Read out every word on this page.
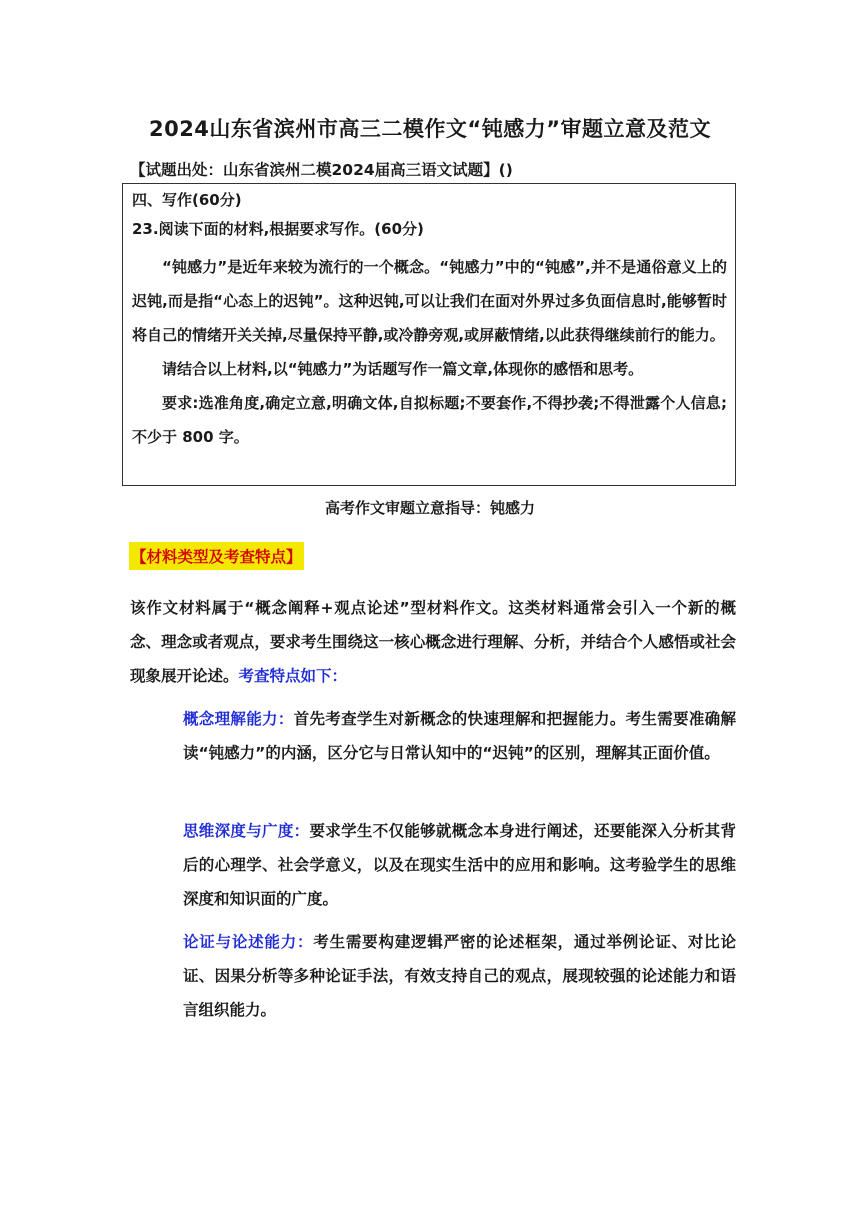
2024山东省滨州市高三二模作文“钝感力”审题立意及范文
【试题出处：山东省滨州二模2024届高三语文试题】()

四、写作(60分)

23.阅读下面的材料,根据要求写作。(60分)

“钝感力”是近年来较为流行的一个概念。“钝感力”中的“钝感”,并不是通俗意义上的迟钝,而是指“心态上的迟钝”。这种迟钝,可以让我们在面对外界过多负面信息时,能够暂时将自己的情绪开关关掉,尽量保持平静,或冷静旁观,或屏蔽情绪,以此获得继续前行的能力。

请结合以上材料,以“钝感力”为话题写作一篇文章,体现你的感悟和思考。

要求:选准角度,确定立意,明确文体,自拟标题;不要套作,不得抄袭;不得泄露个人信息;不少于 800 字。

高考作文审题立意指导：钝感力
【材料类型及考查特点】

该作文材料属于“概念阐释+观点论述”型材料作文。这类材料通常会引入一个新的概念、理念或者观点，要求考生围绕这一核心概念进行理解、分析，并结合个人感悟或社会现象展开论述。考查特点如下：

概念理解能力：首先考查学生对新概念的快速理解和把握能力。考生需要准确解读“钝感力”的内涵，区分它与日常认知中的“迟钝”的区别，理解其正面价值。

思维深度与广度：要求学生不仅能够就概念本身进行阐述，还要能深入分析其背后的心理学、社会学意义，以及在现实生活中的应用和影响。这考验学生的思维深度和知识面的广度。

论证与论述能力：考生需要构建逻辑严密的论述框架，通过举例论证、对比论证、因果分析等多种论证手法，有效支持自己的观点，展现较强的论述能力和语言组织能力。
